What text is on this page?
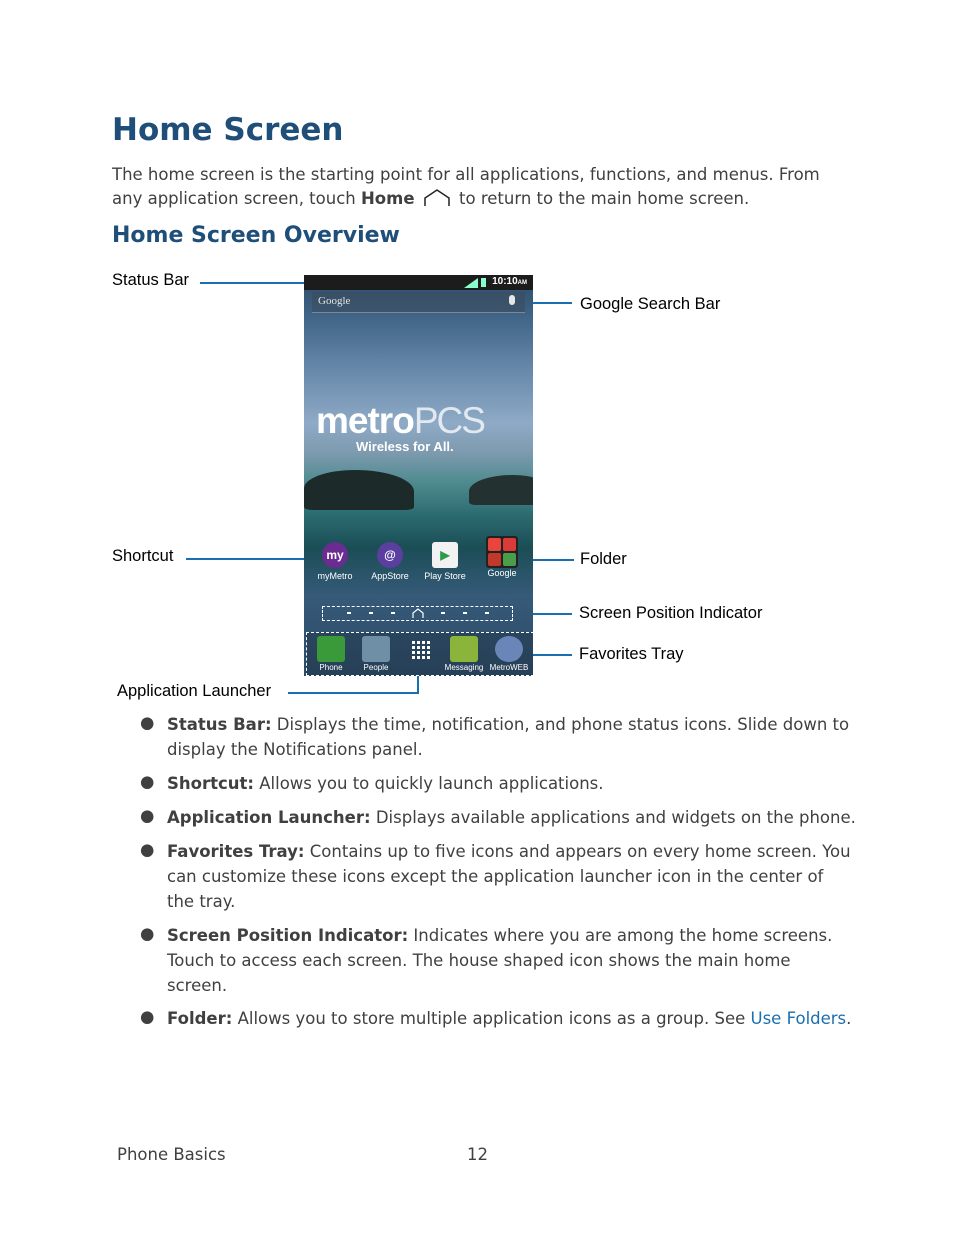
Home Screen
The home screen is the starting point for all applications, functions, and menus. From
any application screen, touch Home  to return to the main home screen.
Home Screen Overview
Status Bar
Google Search Bar
Shortcut	Folder
Screen Position Indicator
Favorites Tray
Application Launcher
10:10AM
Google
metroPCS
Wireless for All.
my
myMetro
@
AppStore
▶
Play Store	Google
Phone	People	Messaging MetroWEB
● Status Bar: Displays the time, notification, and phone status icons. Slide down to
display the Notifications panel.
● Shortcut: Allows you to quickly launch applications.
● Application Launcher: Displays available applications and widgets on the phone.
● Favorites Tray: Contains up to five icons and appears on every home screen. You
can customize these icons except the application launcher icon in the center of
the tray.
● Screen Position Indicator: Indicates where you are among the home screens.
Touch to access each screen. The house shaped icon shows the main home
screen.
● Folder: Allows you to store multiple application icons as a group. See Use Folders.
Phone Basics	12
